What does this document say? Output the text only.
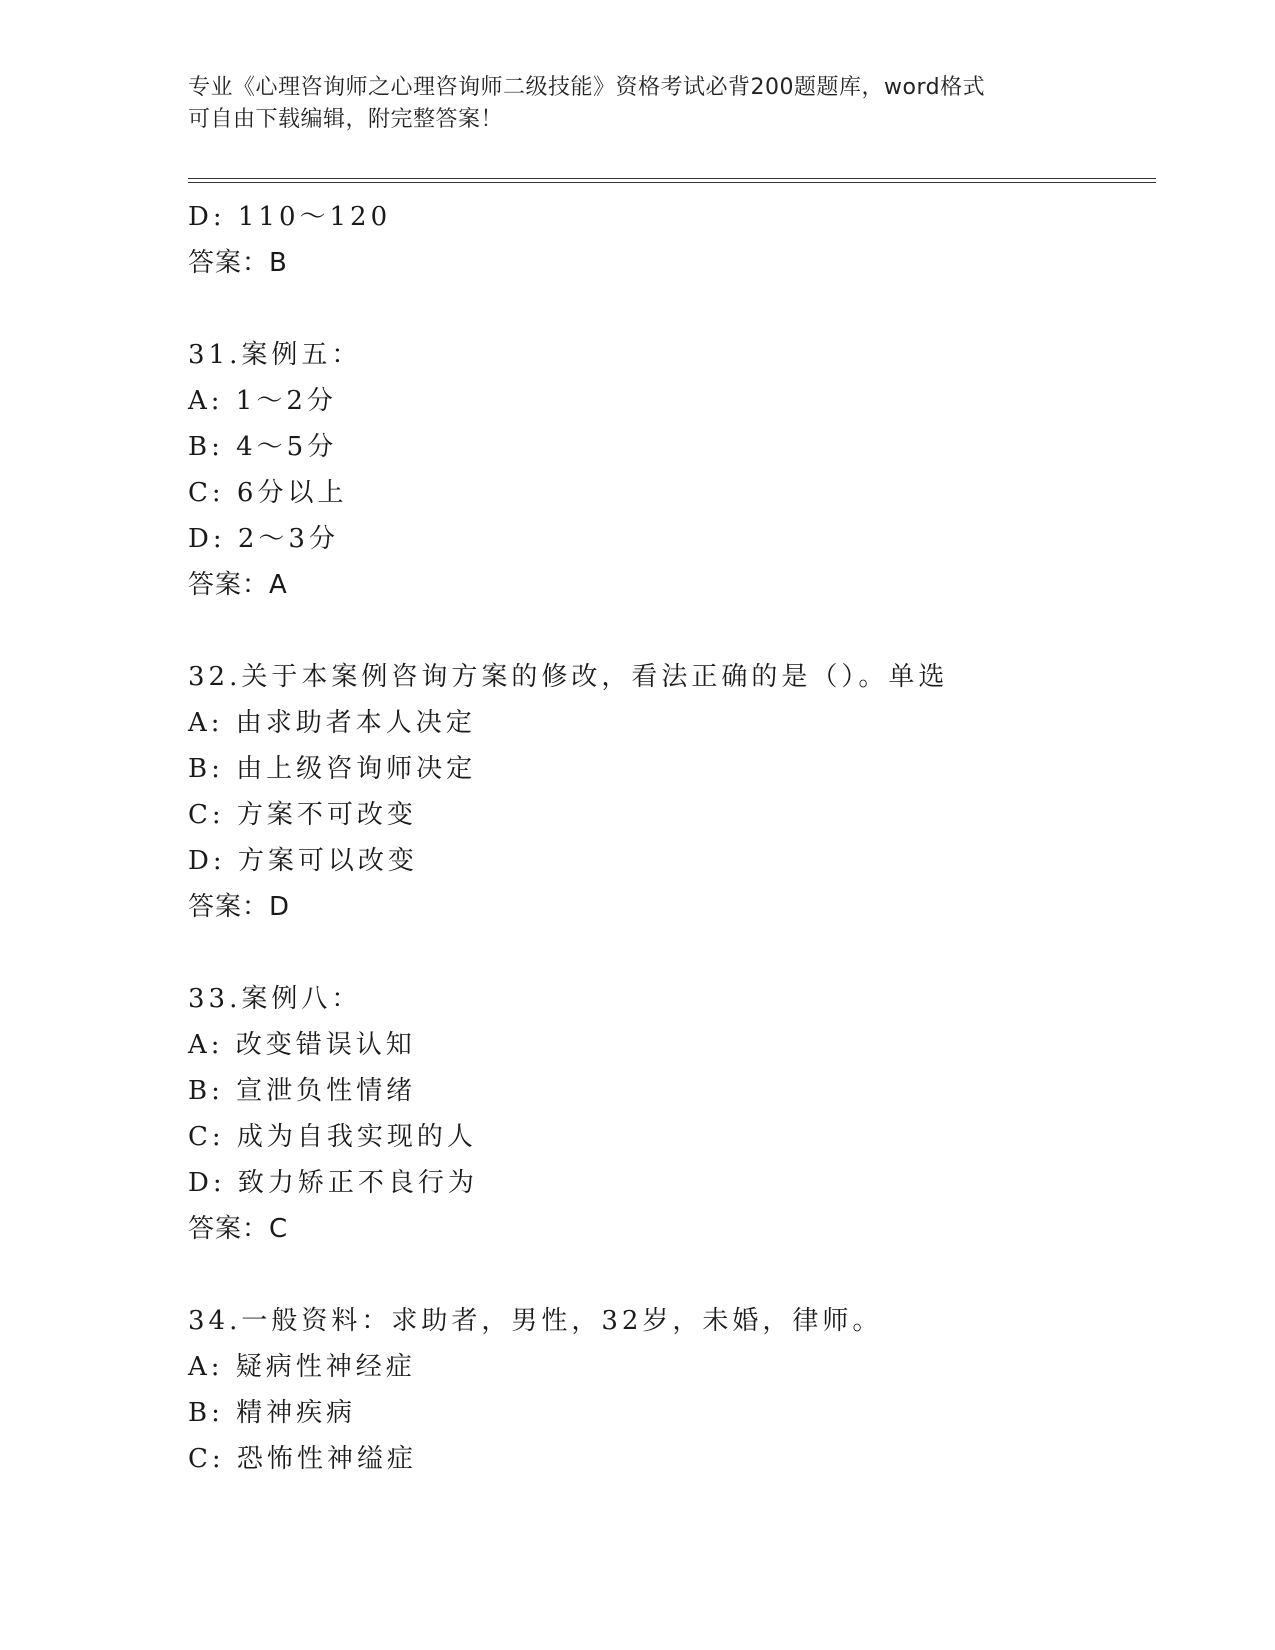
专业《心理咨询师之心理咨询师二级技能》资格考试必背200题题库，word格式
可自由下载编辑，附完整答案！
D: 110～120
答案：B
31.案例五：
A: 1～2分
B: 4～5分
C: 6分以上
D: 2～3分
答案：A
32.关于本案例咨询方案的修改，看法正确的是（）。单选
A: 由求助者本人决定
B: 由上级咨询师决定
C: 方案不可改变
D: 方案可以改变
答案：D
33.案例八：
A: 改变错误认知
B: 宣泄负性情绪
C: 成为自我实现的人
D: 致力矫正不良行为
答案：C
34.一般资料：求助者，男性，32岁，未婚，律师。
A: 疑病性神经症
B: 精神疾病
C: 恐怖性神缢症
